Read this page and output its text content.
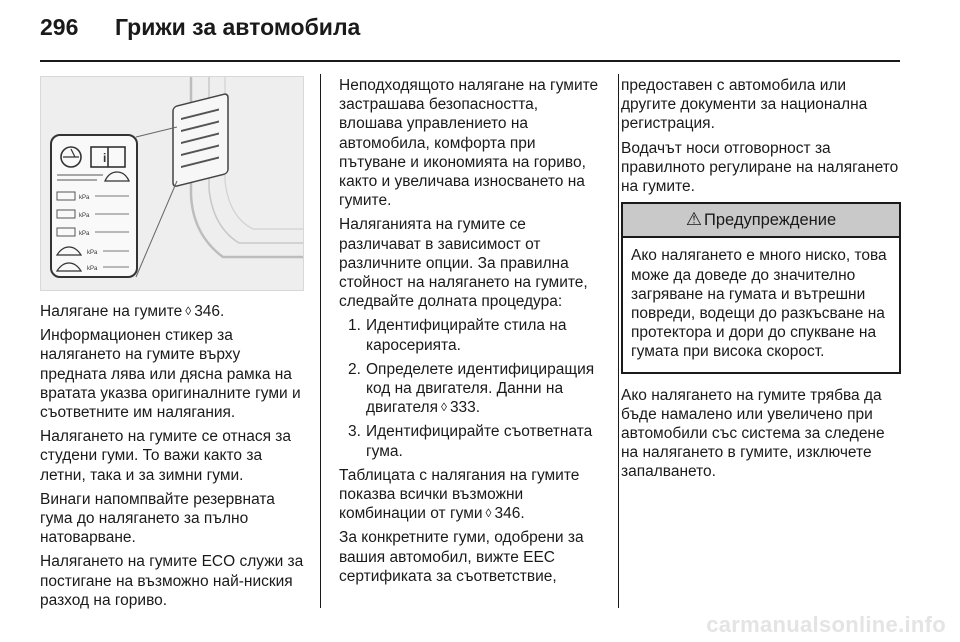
296 Грижи за автомобила
i
kPa
kPa
kPa
kPa
kPa

Налягане на гумите ◊ 346.

Информационен стикер за налягането на гумите върху предната лява или дясна рамка на вратата указва оригиналните гуми и съответните им налягания.

Налягането на гумите се отнася за студени гуми. То важи както за летни, така и за зимни гуми.

Винаги напомпвайте резервната гума до налягането за пълно натоварване.

Налягането на гумите ECO служи за постигане на възможно най-ниския разход на гориво.

Неподходящото налягане на гумите застрашава безопасността, влошава управлението на автомобила, комфорта при пътуване и икономията на гориво, както и увеличава износването на гумите.

Наляганията на гумите се различават в зависимост от различните опции. За правилна стойност на налягането на гумите, следвайте долната процедура:

1. Идентифицирайте стила на каросерията.
2. Определете идентифициращия код на двигателя. Данни на двигателя ◊ 333.
3. Идентифицирайте съответната гума.

Таблицата с налягания на гумите показва всички възможни комбинации от гуми ◊ 346.

За конкретните гуми, одобрени за вашия автомобил, вижте EEC сертификата за съответствие,

предоставен с автомобила или другите документи за национална регистрация.

Водачът носи отговорност за правилното регулиране на налягането на гумите.

⚠ Предупреждение

Ако налягането е много ниско, това може да доведе до значително загряване на гумата и вътрешни повреди, водещи до разкъсване на протектора и дори до спукване на гумата при висока скорост.

Ако налягането на гумите трябва да бъде намалено или увеличено при автомобили със система за следене на налягането в гумите, изключете запалването.

carmanualsonline.info
